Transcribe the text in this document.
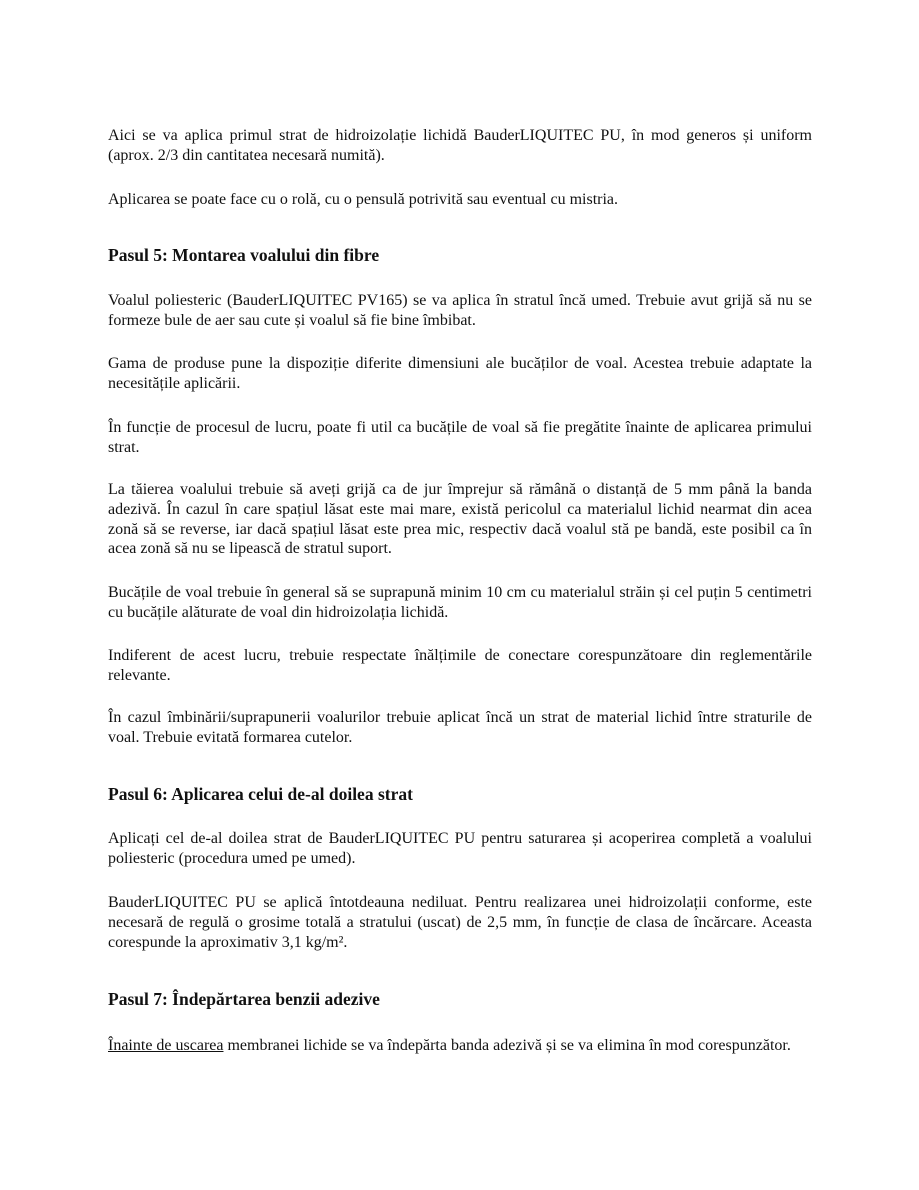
Aici se va aplica primul strat de hidroizolație lichidă BauderLIQUITEC PU, în mod generos și uniform (aprox. 2/3 din cantitatea necesară numită).

Aplicarea se poate face cu o rolă, cu o pensulă potrivită sau eventual cu mistria.

Pasul 5: Montarea voalului din fibre

Voalul poliesteric (BauderLIQUITEC PV165) se va aplica în stratul încă umed. Trebuie avut grijă să nu se formeze bule de aer sau cute și voalul să fie bine îmbibat.

Gama de produse pune la dispoziție diferite dimensiuni ale bucăților de voal. Acestea trebuie adaptate la necesitățile aplicării.

În funcție de procesul de lucru, poate fi util ca bucățile de voal să fie pregătite înainte de aplicarea primului strat.

La tăierea voalului trebuie să aveți grijă ca de jur împrejur să rămână o distanță de 5 mm până la banda adezivă. În cazul în care spațiul lăsat este mai mare, există pericolul ca materialul lichid nearmat din acea zonă să se reverse, iar dacă spațiul lăsat este prea mic, respectiv dacă voalul stă pe bandă, este posibil ca în acea zonă să nu se lipească de stratul suport.

Bucățile de voal trebuie în general să se suprapună minim 10 cm cu materialul străin și cel puțin 5 centimetri cu bucățile alăturate de voal din hidroizolația lichidă.

Indiferent de acest lucru, trebuie respectate înălțimile de conectare corespunzătoare din reglementările relevante.

În cazul îmbinării/suprapunerii voalurilor trebuie aplicat încă un strat de material lichid între straturile de voal. Trebuie evitată formarea cutelor.

Pasul 6: Aplicarea celui de-al doilea strat

Aplicați cel de-al doilea strat de BauderLIQUITEC PU pentru saturarea și acoperirea completă a voalului poliesteric (procedura umed pe umed).

BauderLIQUITEC PU se aplică întotdeauna nediluat. Pentru realizarea unei hidroizolații conforme, este necesară de regulă o grosime totală a stratului (uscat) de 2,5 mm, în funcție de clasa de încărcare. Aceasta corespunde la aproximativ 3,1 kg/m².

Pasul 7: Îndepărtarea benzii adezive

Înainte de uscarea membranei lichide se va îndepărta banda adezivă și se va elimina în mod corespunzător.
